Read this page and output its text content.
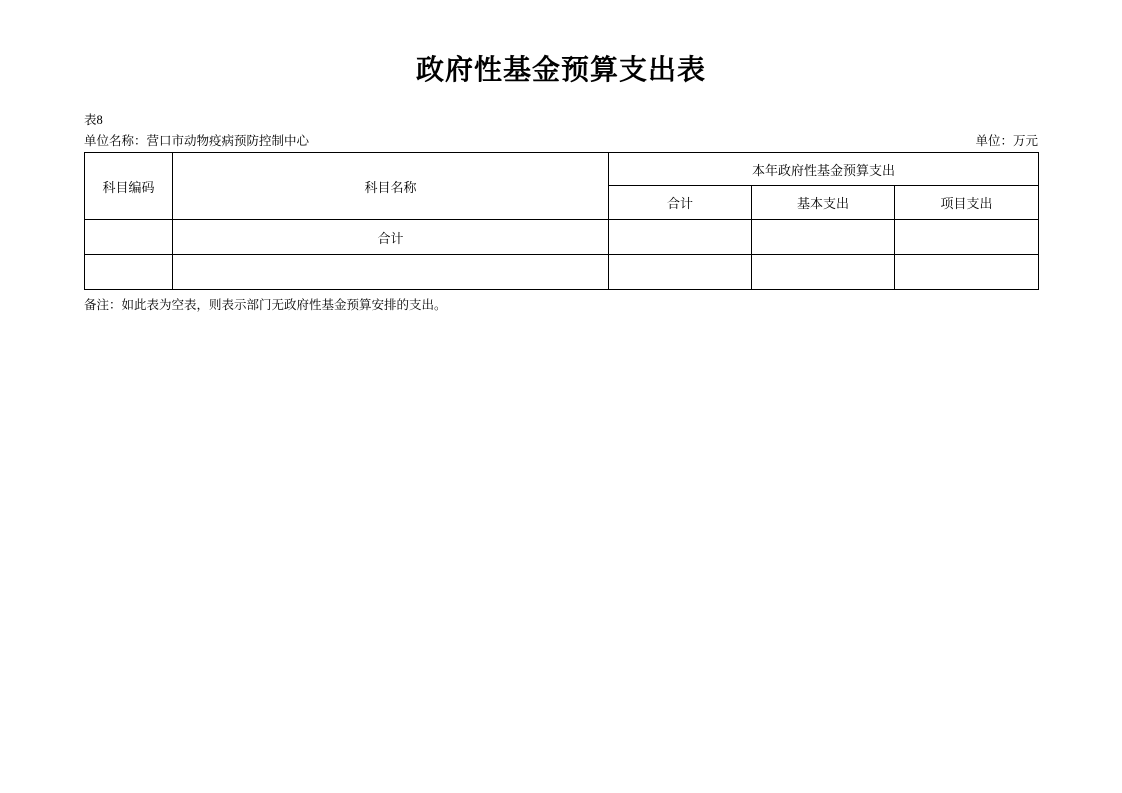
政府性基金预算支出表
表8
单位名称：营口市动物疫病预防控制中心	单位：万元
科目编码	科目名称	本年政府性基金预算支出		
		合计	基本支出	项目支出
	合计			

备注：如此表为空表，则表示部门无政府性基金预算安排的支出。
